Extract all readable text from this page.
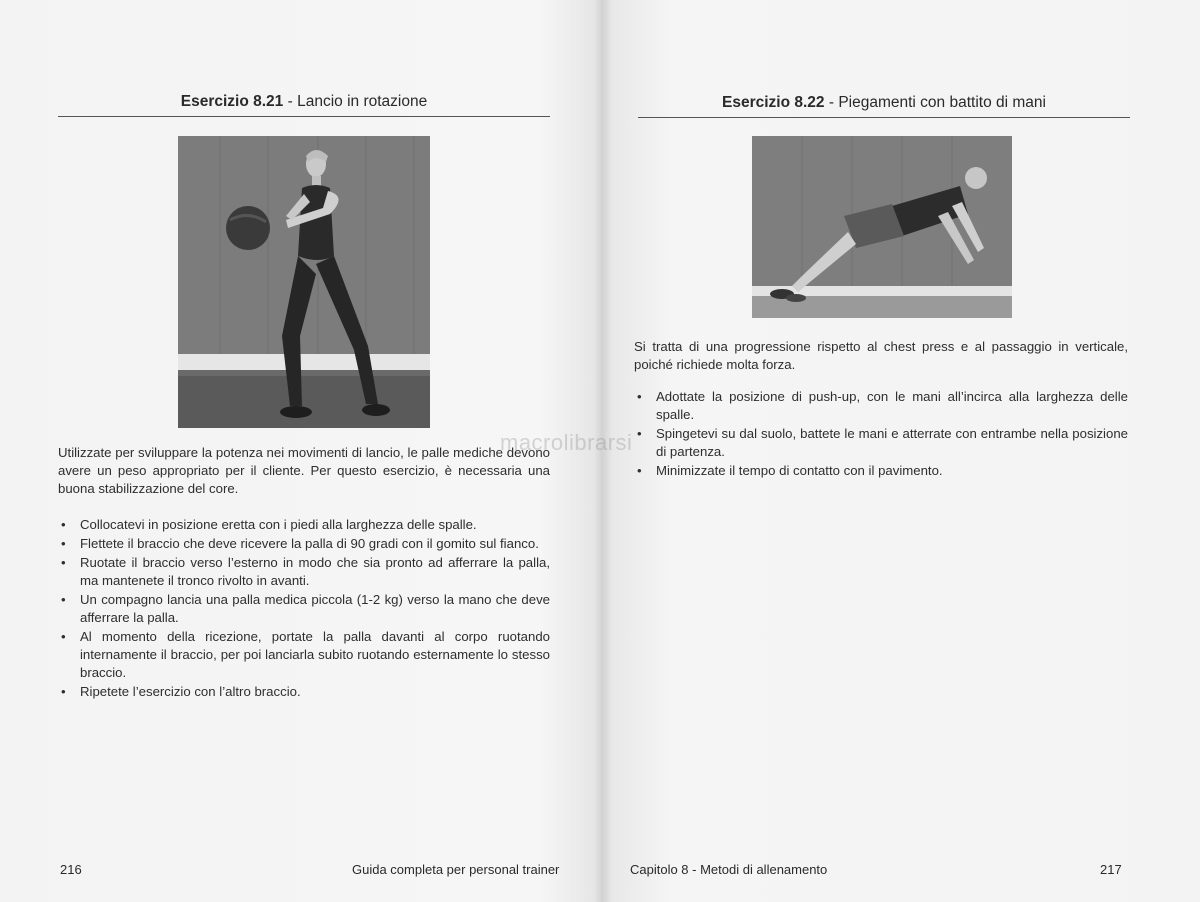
Esercizio 8.21 - Lancio in rotazione
Utilizzate per sviluppare la potenza nei movimenti di lancio, le palle mediche devono avere un peso appropriato per il cliente. Per questo esercizio, è necessaria una buona stabilizzazione del core.
• Collocatevi in posizione eretta con i piedi alla larghezza delle spalle.
• Flettete il braccio che deve ricevere la palla di 90 gradi con il gomito sul fianco.
• Ruotate il braccio verso l’esterno in modo che sia pronto ad afferrare la palla, ma mantenete il tronco rivolto in avanti.
• Un compagno lancia una palla medica piccola (1-2 kg) verso la mano che deve afferrare la palla.
• Al momento della ricezione, portate la palla davanti al corpo ruotando internamente il braccio, per poi lanciarla subito ruotando esternamente lo stesso braccio.
• Ripetete l’esercizio con l’altro braccio.
216	Guida completa per personal trainer
Esercizio 8.22 - Piegamenti con battito di mani
Si tratta di una progressione rispetto al chest press e al passaggio in verticale, poiché richiede molta forza.
• Adottate la posizione di push-up, con le mani all’incirca alla larghezza delle spalle.
• Spingetevi su dal suolo, battete le mani e atterrate con entrambe nella posizione di partenza.
• Minimizzate il tempo di contatto con il pavimento.
Capitolo 8 - Metodi di allenamento	217
macrolibrarsi
